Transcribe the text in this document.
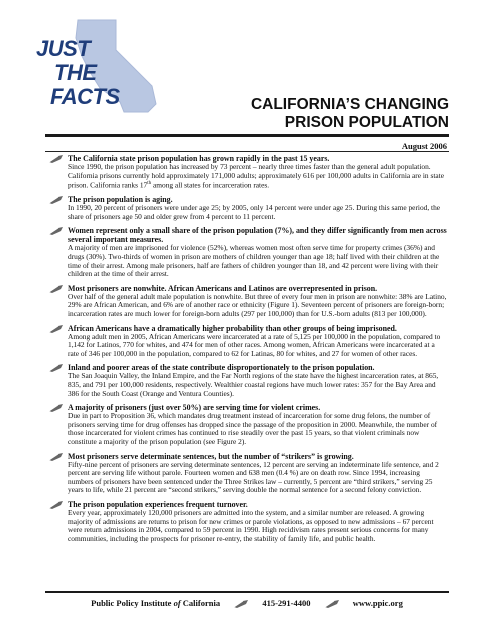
JUST
THE
FACTS	CALIFORNIA’S CHANGING
PRISON POPULATION
August 2006
The California state prison population has grown rapidly in the past 15 years.
Since 1990, the prison population has increased by 73 percent – nearly three times faster than the general adult population. California prisons currently hold approximately 171,000 adults; approximately 616 per 100,000 adults in California are in state prison. California ranks 17th among all states for incarceration rates.
The prison population is aging.
In 1990, 20 percent of prisoners were under age 25; by 2005, only 14 percent were under age 25. During this same period, the share of prisoners age 50 and older grew from 4 percent to 11 percent.
Women represent only a small share of the prison population (7%), and they differ significantly from men across several important measures.
A majority of men are imprisoned for violence (52%), whereas women most often serve time for property crimes (36%) and drugs (30%). Two-thirds of women in prison are mothers of children younger than age 18; half lived with their children at the time of their arrest. Among male prisoners, half are fathers of children younger than 18, and 42 percent were living with their children at the time of their arrest.
Most prisoners are nonwhite. African Americans and Latinos are overrepresented in prison.
Over half of the general adult male population is nonwhite. But three of every four men in prison are nonwhite: 38% are Latino, 29% are African American, and 6% are of another race or ethnicity (Figure 1). Seventeen percent of prisoners are foreign-born; incarceration rates are much lower for foreign-born adults (297 per 100,000) than for U.S.-born adults (813 per 100,000).
African Americans have a dramatically higher probability than other groups of being imprisoned.
Among adult men in 2005, African Americans were incarcerated at a rate of 5,125 per 100,000 in the population, compared to 1,142 for Latinos, 770 for whites, and 474 for men of other races. Among women, African Americans were incarcerated at a rate of 346 per 100,000 in the population, compared to 62 for Latinas, 80 for whites, and 27 for women of other races.
Inland and poorer areas of the state contribute disproportionately to the prison population.
The San Joaquin Valley, the Inland Empire, and the Far North regions of the state have the highest incarceration rates, at 865, 835, and 791 per 100,000 residents, respectively. Wealthier coastal regions have much lower rates: 357 for the Bay Area and 386 for the South Coast (Orange and Ventura Counties).
A majority of prisoners (just over 50%) are serving time for violent crimes.
Due in part to Proposition 36, which mandates drug treatment instead of incarceration for some drug felons, the number of prisoners serving time for drug offenses has dropped since the passage of the proposition in 2000. Meanwhile, the number of those incarcerated for violent crimes has continued to rise steadily over the past 15 years, so that violent criminals now constitute a majority of the prison population (see Figure 2).
Most prisoners serve determinate sentences, but the number of “strikers” is growing.
Fifty-nine percent of prisoners are serving determinate sentences, 12 percent are serving an indeterminate life sentence, and 2 percent are serving life without parole. Fourteen women and 638 men (0.4 %) are on death row. Since 1994, increasing numbers of prisoners have been sentenced under the Three Strikes law – currently, 5 percent are “third strikers,” serving 25 years to life, while 21 percent are “second strikers,” serving double the normal sentence for a second felony conviction.
The prison population experiences frequent turnover.
Every year, approximately 120,000 prisoners are admitted into the system, and a similar number are released. A growing majority of admissions are returns to prison for new crimes or parole violations, as opposed to new admissions – 67 percent were return admissions in 2004, compared to 59 percent in 1990. High recidivism rates present serious concerns for many communities, including the prospects for prisoner re-entry, the stability of family life, and public health.
Public Policy Institute of California	415-291-4400	www.ppic.org
